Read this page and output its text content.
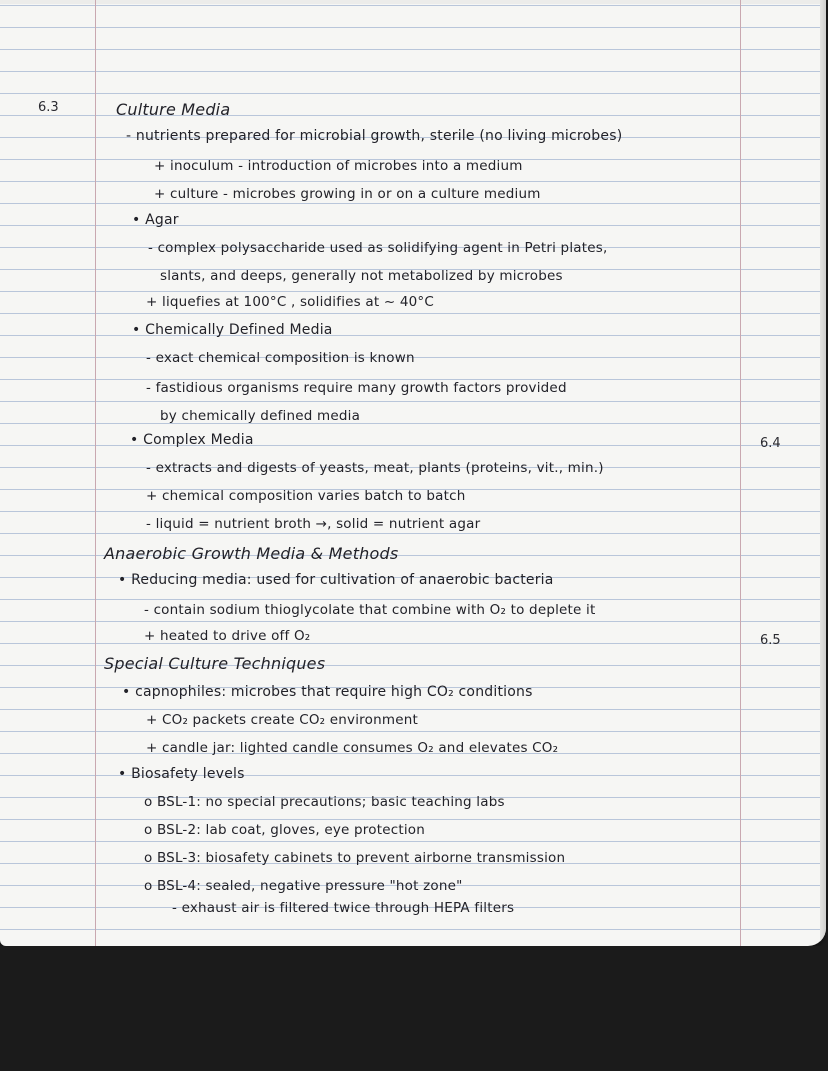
6.3
6.4
6.5
Culture Media
- nutrients prepared for microbial growth, sterile (no living microbes)
+ inoculum - introduction of microbes into a medium
+ culture - microbes growing in or on a culture medium
• Agar
- complex polysaccharide used as solidifying agent in Petri plates,
slants, and deeps, generally not metabolized by microbes
+ liquefies at 100°C , solidifies at ~ 40°C
• Chemically Defined Media
- exact chemical composition is known
- fastidious organisms require many growth factors provided
by chemically defined media
• Complex Media
- extracts and digests of yeasts, meat, plants (proteins, vit., min.)
+ chemical composition varies batch to batch
- liquid = nutrient broth →, solid = nutrient agar
Anaerobic Growth Media & Methods
• Reducing media: used for cultivation of anaerobic bacteria
- contain sodium thioglycolate that combine with O₂ to deplete it
+ heated to drive off O₂
Special Culture Techniques
• capnophiles: microbes that require high CO₂ conditions
+ CO₂ packets create CO₂ environment
+ candle jar: lighted candle consumes O₂ and elevates CO₂
• Biosafety levels
o BSL-1: no special precautions; basic teaching labs
o BSL-2: lab coat, gloves, eye protection
o BSL-3: biosafety cabinets to prevent airborne transmission
o BSL-4: sealed, negative pressure "hot zone"
- exhaust air is filtered twice through HEPA filters
